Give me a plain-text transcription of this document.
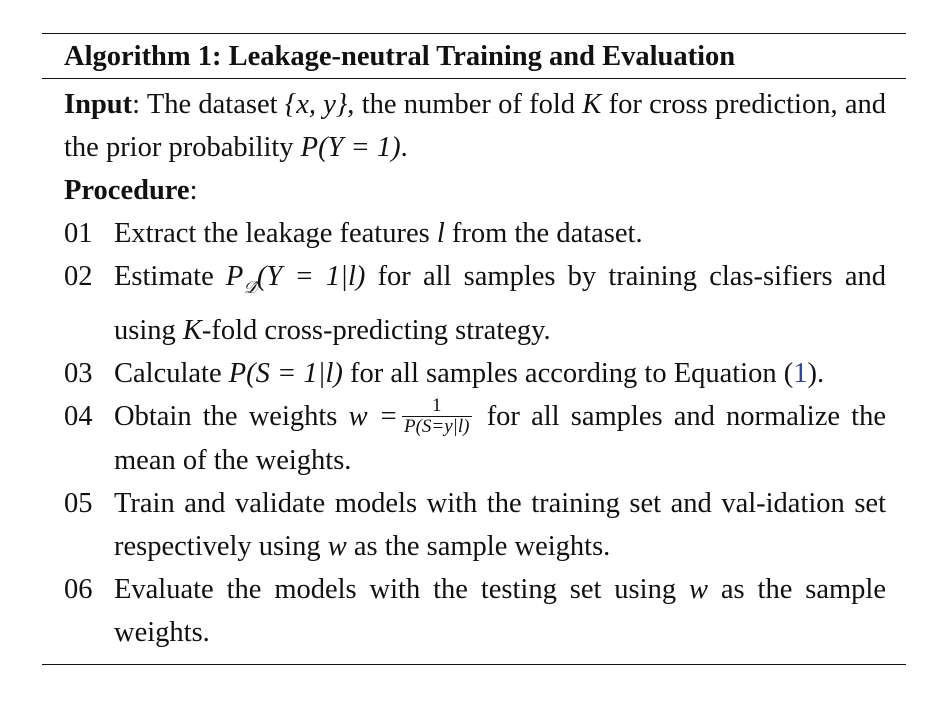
Algorithm 1: Leakage-neutral Training and Evaluation
Input: The dataset {x, y}, the number of fold K for cross prediction, and the prior probability P(Y = 1).
Procedure:
01 Extract the leakage features l from the dataset.
02 Estimate $P_{𝒟̂}(Y = 1|l)$ for all samples by training clas-sifiers and using K-fold cross-predicting strategy.
03 Calculate P(S = 1|l) for all samples according to Equation (1).
04 Obtain the weights $w = \frac{1}{P(S=y|l)}$ for all samples and normalize the mean of the weights.
05 Train and validate models with the training set and val-idation set respectively using w as the sample weights.
06 Evaluate the models with the testing set using w as the sample weights.
